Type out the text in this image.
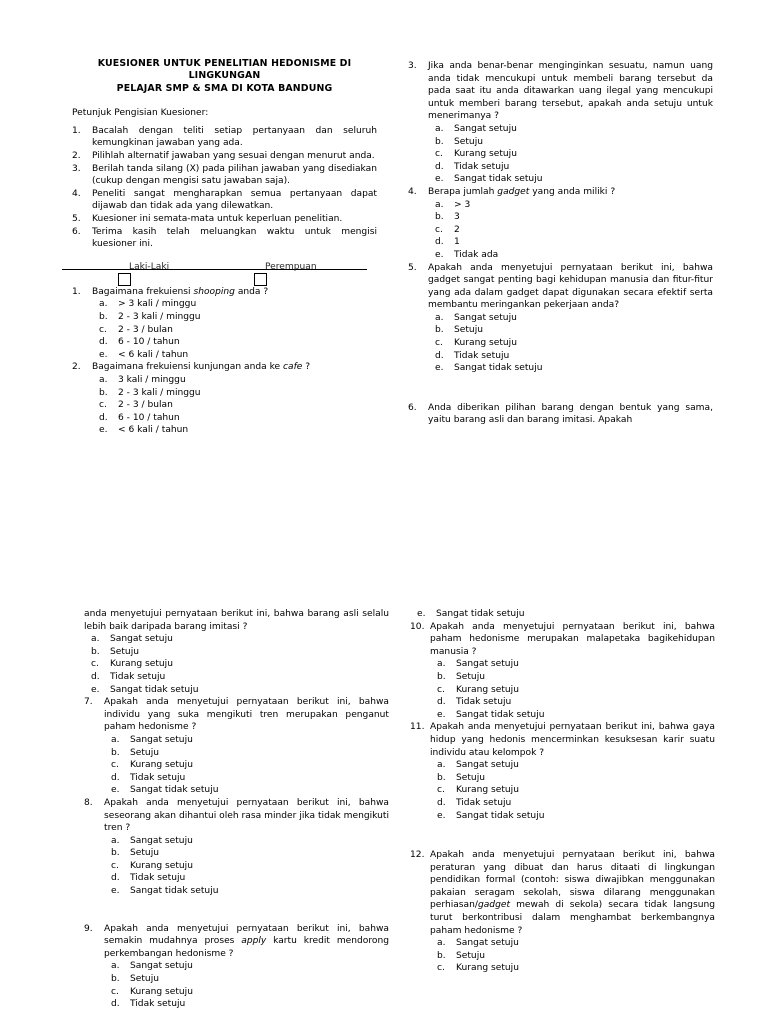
KUESIONER UNTUK PENELITIAN HEDONISME DI LINGKUNGAN
PELAJAR SMP & SMA DI KOTA BANDUNG
Petunjuk Pengisian Kuesioner:
1.	Bacalah dengan teliti setiap pertanyaan dan seluruh kemungkinan jawaban yang ada.
2.	Pilihlah alternatif jawaban yang sesuai dengan menurut anda.
3.	Berilah tanda silang (X) pada pilihan jawaban yang disediakan (cukup dengan mengisi satu jawaban saja).
4.	Peneliti sangat mengharapkan semua pertanyaan dapat dijawab dan tidak ada yang dilewatkan.
5.	Kuesioner ini semata-mata untuk keperluan penelitian.
6.	Terima kasih telah meluangkan waktu untuk mengisi kuesioner ini.
Laki-Laki	Perempuan
1.	Bagaimana frekuiensi shooping anda ?
a. > 3 kali / minggu
b. 2 - 3 kali / minggu
c. 2 - 3 / bulan
d. 6 - 10 / tahun
e. < 6 kali / tahun
2.	Bagaimana frekuiensi kunjungan anda ke cafe ?
a. 3 kali / minggu
b. 2 - 3 kali / minggu
c. 2 - 3 / bulan
d. 6 - 10 / tahun
e. < 6 kali / tahun
3.	Jika anda benar-benar menginginkan sesuatu, namun uang anda tidak mencukupi untuk membeli barang tersebut da pada saat itu anda ditawarkan uang ilegal yang mencukupi untuk memberi barang tersebut, apakah anda setuju untuk menerimanya ?
a. Sangat setuju
b. Setuju
c. Kurang setuju
d. Tidak setuju
e. Sangat tidak setuju
4.	Berapa jumlah gadget yang anda miliki ?
a. > 3
b. 3
c. 2
d. 1
e. Tidak ada
5.	Apakah anda menyetujui pernyataan berikut ini, bahwa gadget sangat penting bagi kehidupan manusia dan fitur-fitur yang ada dalam gadget dapat digunakan secara efektif serta membantu meringankan pekerjaan anda?
a. Sangat setuju
b. Setuju
c. Kurang setuju
d. Tidak setuju
e. Sangat tidak setuju
6.	Anda diberikan pilihan barang dengan bentuk yang sama, yaitu barang asli dan barang imitasi. Apakah
anda menyetujui pernyataan berikut ini, bahwa barang asli selalu lebih baik daripada barang imitasi ?
a. Sangat setuju
b. Setuju
c. Kurang setuju
d. Tidak setuju
e. Sangat tidak setuju
7.	Apakah anda menyetujui pernyataan berikut ini, bahwa individu yang suka mengikuti tren merupakan penganut paham hedonisme ?
a. Sangat setuju
b. Setuju
c. Kurang setuju
d. Tidak setuju
e. Sangat tidak setuju
8.	Apakah anda menyetujui pernyataan berikut ini, bahwa seseorang akan dihantui oleh rasa minder jika tidak mengikuti tren ?
a. Sangat setuju
b. Setuju
c. Kurang setuju
d. Tidak setuju
e. Sangat tidak setuju
9.	Apakah anda menyetujui pernyataan berikut ini, bahwa semakin mudahnya proses apply kartu kredit mendorong perkembangan hedonisme ?
a. Sangat setuju
b. Setuju
c. Kurang setuju
d. Tidak setuju
e. Sangat tidak setuju
10. Apakah anda menyetujui pernyataan berikut ini, bahwa paham hedonisme merupakan malapetaka bagikehidupan manusia ?
a. Sangat setuju
b. Setuju
c. Kurang setuju
d. Tidak setuju
e. Sangat tidak setuju
11. Apakah anda menyetujui pernyataan berikut ini, bahwa gaya hidup yang hedonis mencerminkan kesuksesan karir suatu individu atau kelompok ?
a. Sangat setuju
b. Setuju
c. Kurang setuju
d. Tidak setuju
e. Sangat tidak setuju
12. Apakah anda menyetujui pernyataan berikut ini, bahwa peraturan yang dibuat dan harus ditaati di lingkungan pendidikan formal (contoh: siswa diwajibkan menggunakan pakaian seragam sekolah, siswa dilarang menggunakan perhiasan/gadget mewah di sekola) secara tidak langsung turut berkontribusi dalam menghambat berkembangnya paham hedonisme ?
a. Sangat setuju
b. Setuju
c. Kurang setuju
